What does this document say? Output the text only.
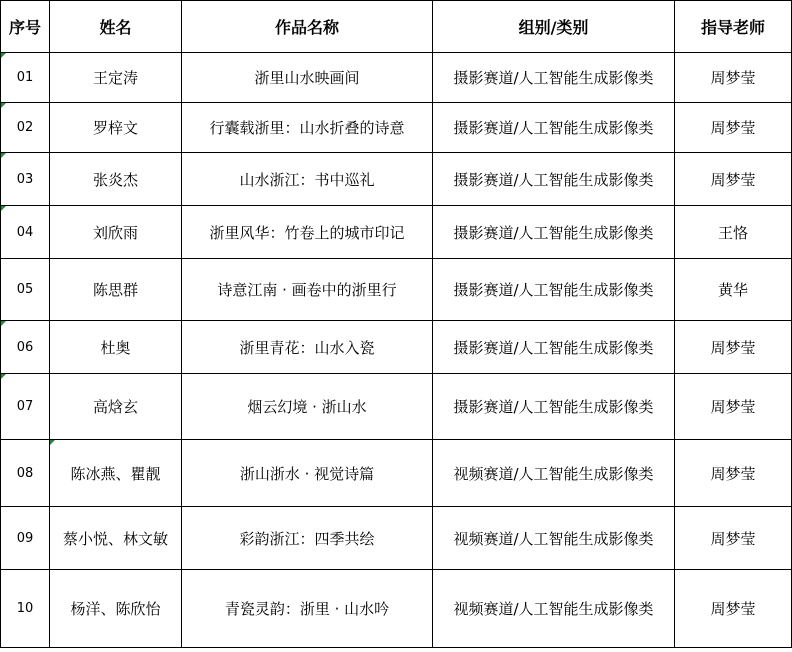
序号	姓名	作品名称	组别/类别	指导老师

01	王定涛	浙里山水映画间	摄影赛道/人工智能生成影像类	周梦莹

02	罗梓文	行囊载浙里：山水折叠的诗意	摄影赛道/人工智能生成影像类	周梦莹

03	张炎杰	山水浙江：书中巡礼	摄影赛道/人工智能生成影像类	周梦莹

04	刘欣雨	浙里风华：竹卷上的城市印记	摄影赛道/人工智能生成影像类	王恪
05	陈思群	诗意江南 · 画卷中的浙里行	摄影赛道/人工智能生成影像类	黄华

06	杜奥	浙里青花：山水入瓷	摄影赛道/人工智能生成影像类	周梦莹

07	高焓玄	烟云幻境 · 浙山水	摄影赛道/人工智能生成影像类	周梦莹
08	陈冰燕、瞿靓	浙山浙水 · 视觉诗篇	视频赛道/人工智能生成影像类	周梦莹
09	蔡小悦、林文敏	彩韵浙江：四季共绘	视频赛道/人工智能生成影像类	周梦莹
10	杨洋、陈欣怡	青瓷灵韵：浙里 · 山水吟	视频赛道/人工智能生成影像类	周梦莹
